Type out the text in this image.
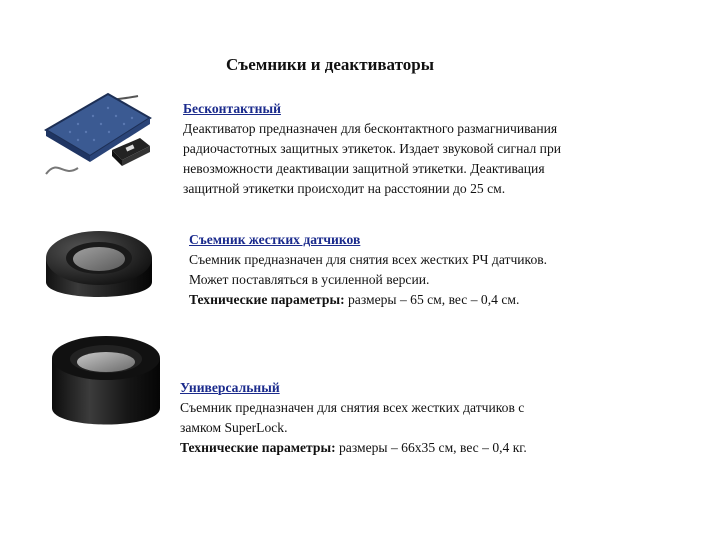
Съемники и деактиваторы
Бесконтактный
Деактиватор предназначен для бесконтактного размагничивания
радиочастотных защитных этикеток. Издает звуковой сигнал при
невозможности деактивации защитной этикетки. Деактивация
защитной этикетки происходит на расстоянии до 25 см.
Съемник жестких датчиков
Съемник предназначен для снятия всех жестких РЧ датчиков.
Может поставляться в усиленной версии.
Технические параметры: размеры – 65 см, вес – 0,4 см.
Универсальный
Съемник предназначен для снятия всех жестких датчиков с
замком SuperLock.
Технические параметры: размеры – 66х35 см, вес – 0,4 кг.
